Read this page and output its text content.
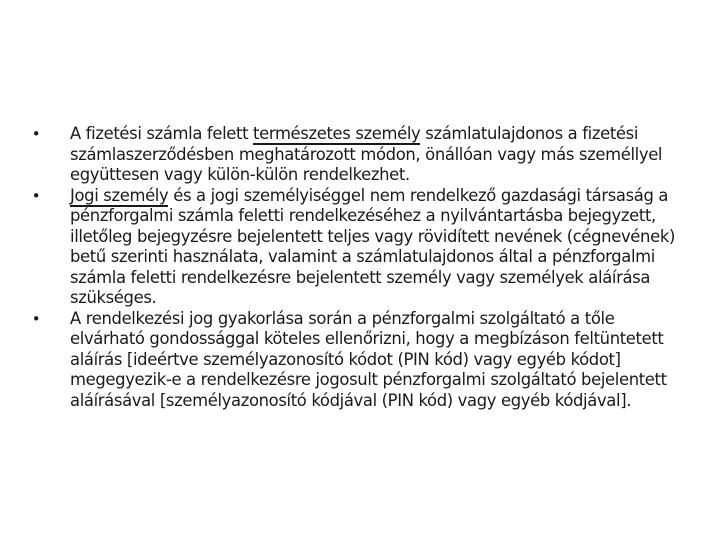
• A fizetési számla felett természetes személy számlatulajdonos a fizetési számlaszerződésben meghatározott módon, önállóan vagy más személlyel együttesen vagy külön-külön rendelkezhet.
• Jogi személy és a jogi személyiséggel nem rendelkező gazdasági társaság a pénzforgalmi számla feletti rendelkezéséhez a nyilvántartásba bejegyzett, illetőleg bejegyzésre bejelentett teljes vagy rövidített nevének (cégnevének) betű szerinti használata, valamint a számlatulajdonos által a pénzforgalmi számla feletti rendelkezésre bejelentett személy vagy személyek aláírása szükséges.
• A rendelkezési jog gyakorlása során a pénzforgalmi szolgáltató a tőle elvárható gondossággal köteles ellenőrizni, hogy a megbízáson feltüntetett aláírás [ideértve személyazonosító kódot (PIN kód) vagy egyéb kódot] megegyezik-e a rendelkezésre jogosult pénzforgalmi szolgáltató bejelentett aláírásával [személyazonosító kódjával (PIN kód) vagy egyéb kódjával].
